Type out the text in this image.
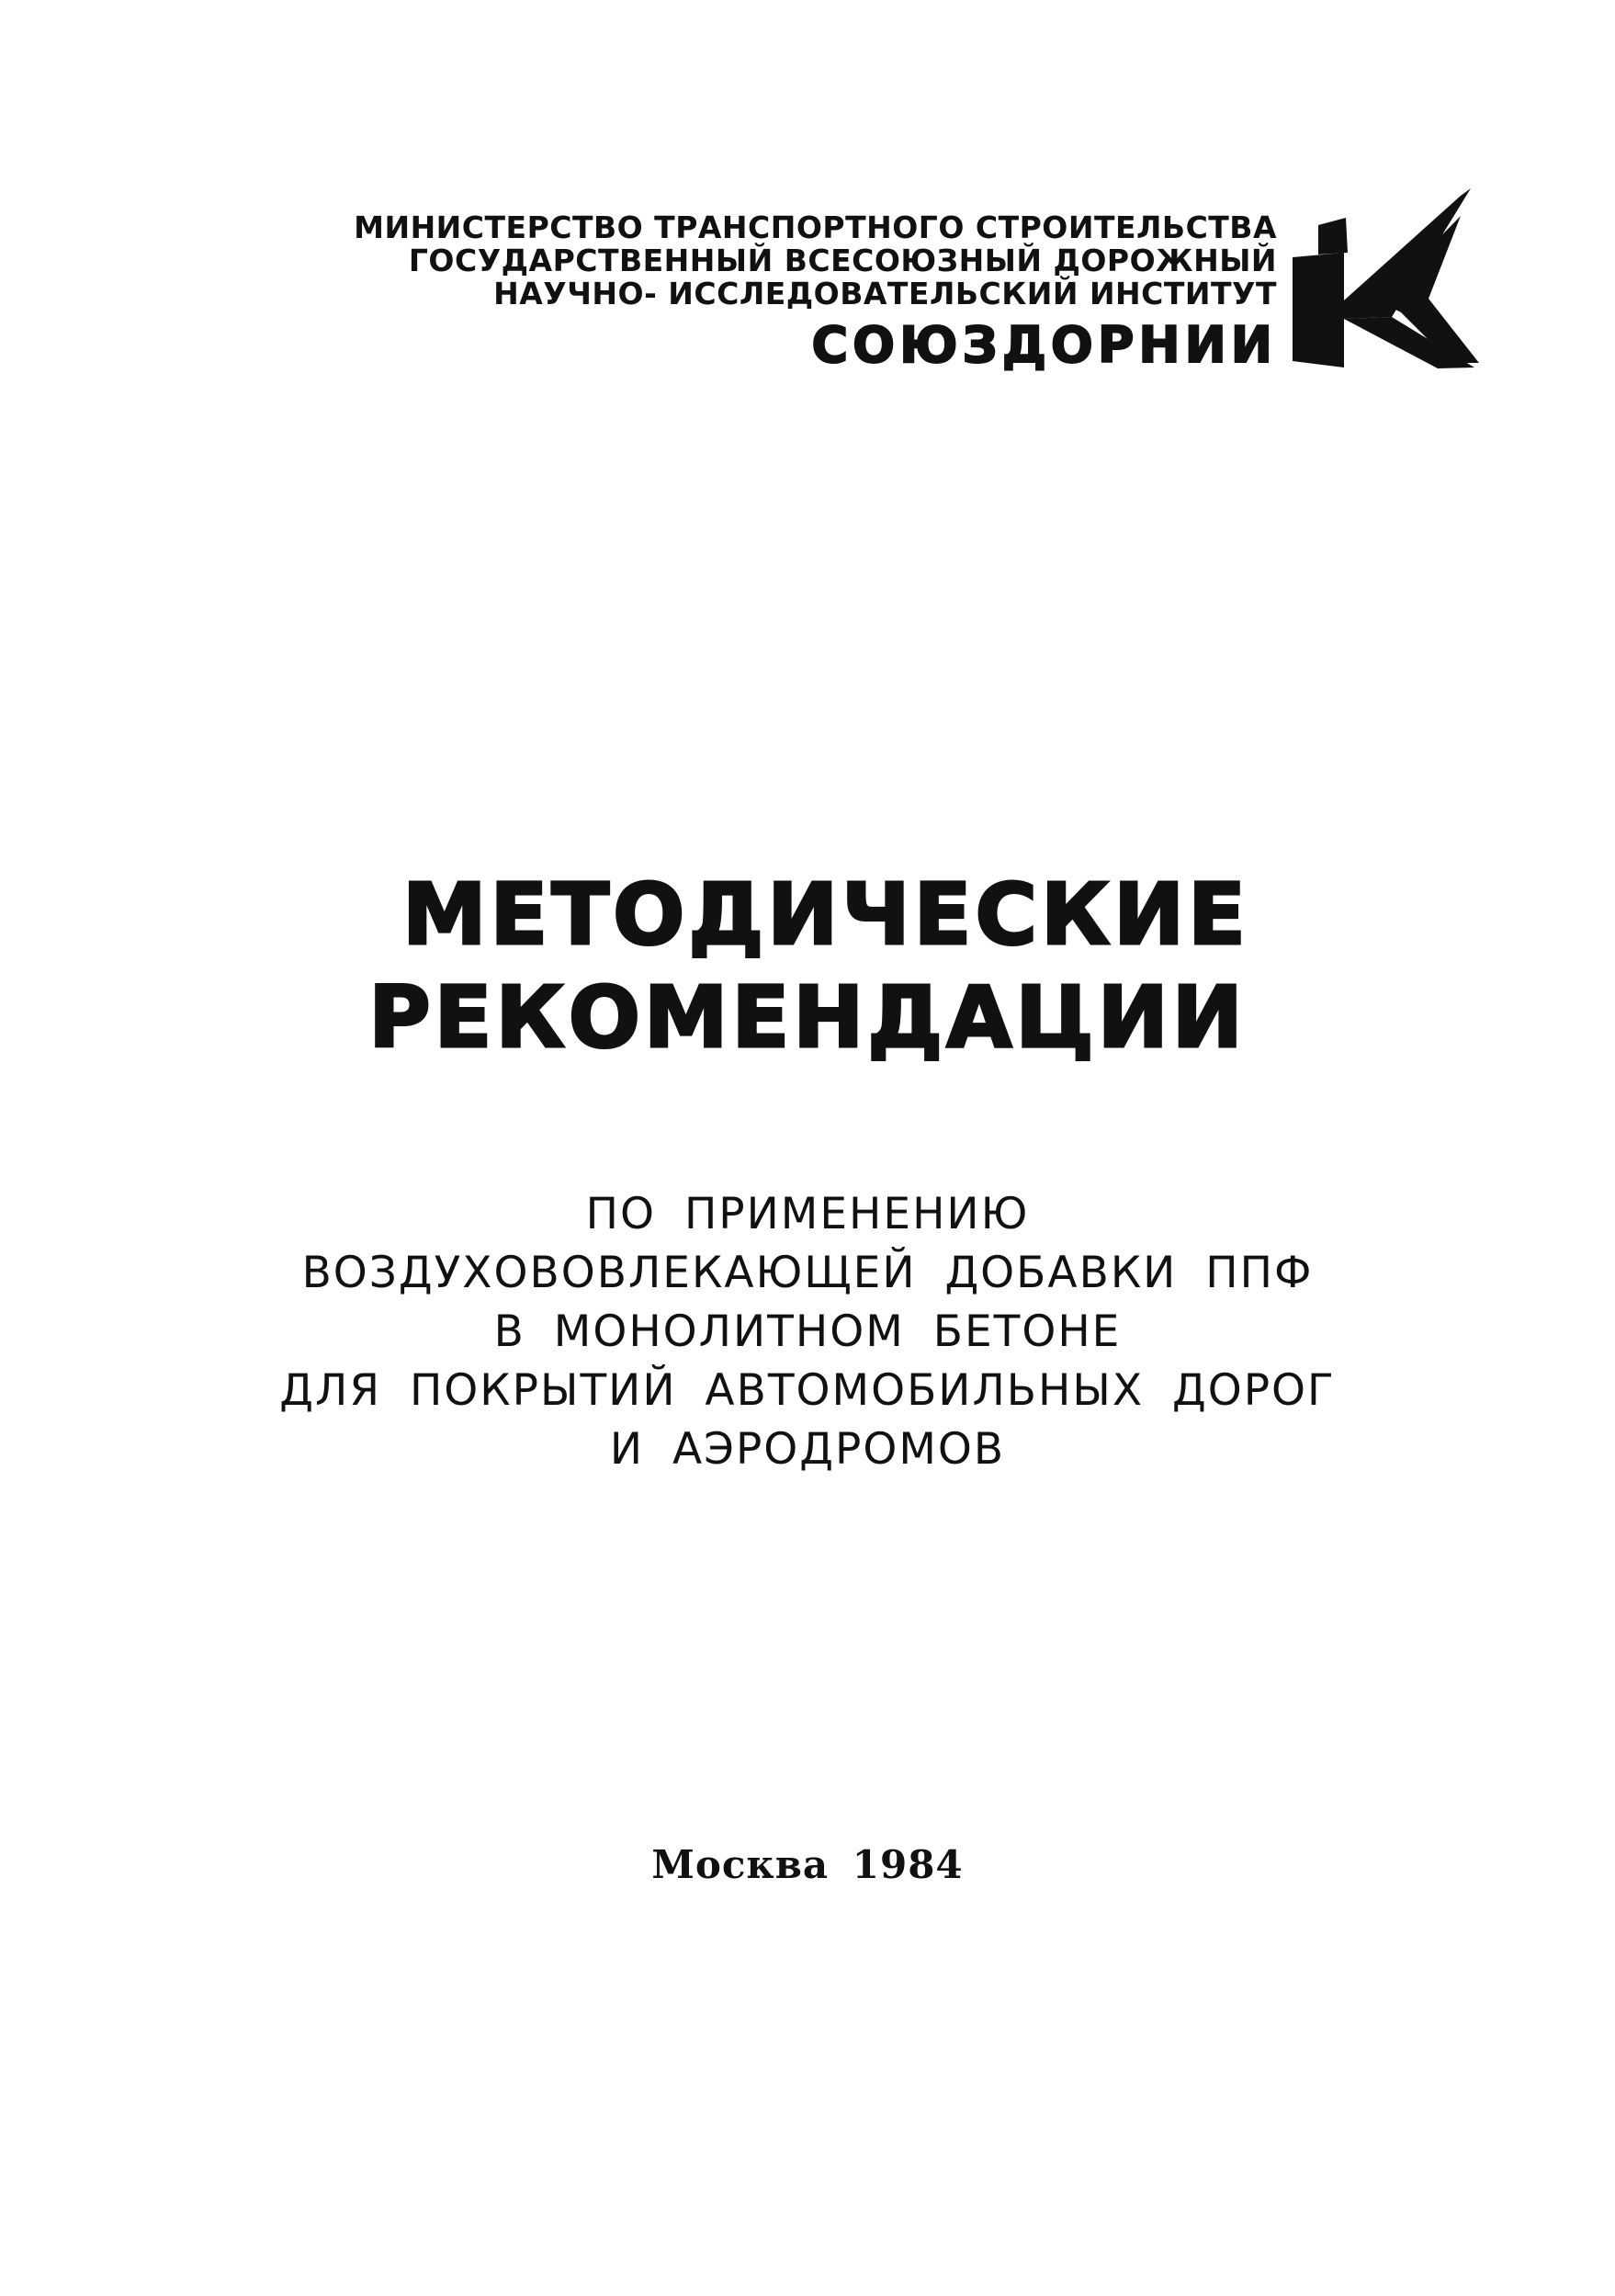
МИНИСТЕРСТВО ТРАНСПОРТНОГО СТРОИТЕЛЬСТВА
ГОСУДАРСТВЕННЫЙ ВСЕСОЮЗНЫЙ ДОРОЖНЫЙ
НАУЧНО- ИССЛЕДОВАТЕЛЬСКИЙ ИНСТИТУТ
СОЮЗДОРНИИ
МЕТОДИЧЕСКИЕ
РЕКОМЕНДАЦИИ
ПО ПРИМЕНЕНИЮ
ВОЗДУХОВОВЛЕКАЮЩЕЙ ДОБАВКИ ППФ
В МОНОЛИТНОМ БЕТОНЕ
ДЛЯ ПОКРЫТИЙ АВТОМОБИЛЬНЫХ ДОРОГ
И АЭРОДРОМОВ
Москва 1984
